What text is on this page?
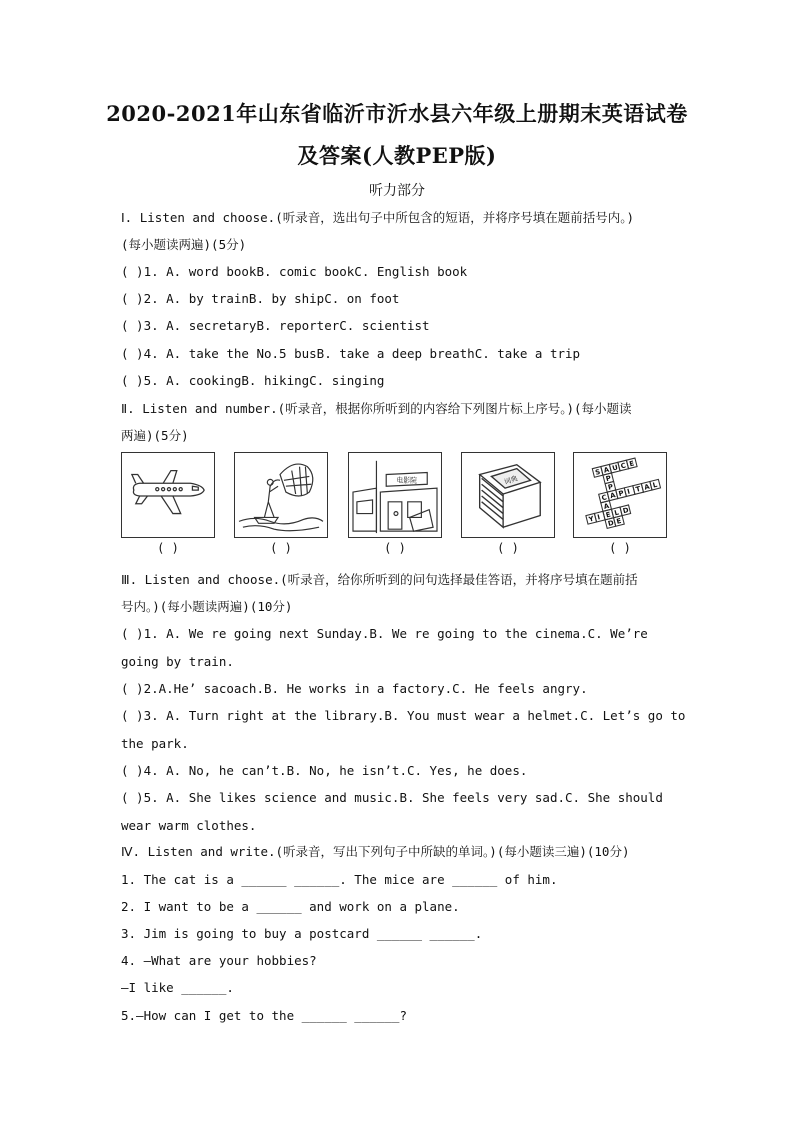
2020-2021年山东省临沂市沂水县六年级上册期末英语试卷
及答案(人教PEP版)
听力部分
Ⅰ. Listen and choose.(听录音，选出句子中所包含的短语，并将序号填在题前括号内。)
(每小题读两遍)(5分)
( )1. A. word bookB. comic bookC. English book
( )2. A. by trainB. by shipC. on foot
( )3. A. secretaryB. reporterC. scientist
( )4. A. take the No.5 busB. take a deep breathC. take a trip
( )5. A. cookingB. hikingC. singing
Ⅱ. Listen and number.(听录音，根据你所听到的内容给下列图片标上序号。)(每小题读
两遍)(5分)
( )	( )
电影院
( )
词典
( )
S A U C E
P
P
C A P I T A L
A
Y I E L D
D E
( )
Ⅲ. Listen and choose.(听录音，给你所听到的问句选择最佳答语，并将序号填在题前括
号内。)(每小题读两遍)(10分)
( )1. A. We re going next Sunday.B. We re going to the cinema.C. We’re
going by train.
( )2.A.He’ sacoach.B. He works in a factory.C. He feels angry.
( )3. A. Turn right at the library.B. You must wear a helmet.C. Let’s go to
the park.
( )4. A. No, he can’t.B. No, he isn’t.C. Yes, he does.
( )5. A. She likes science and music.B. She feels very sad.C. She should
wear warm clothes.
Ⅳ. Listen and write.(听录音，写出下列句子中所缺的单词。)(每小题读三遍)(10分)
1. The cat is a ______ ______. The mice are ______ of him.
2. I want to be a ______ and work on a plane.
3. Jim is going to buy a postcard ______ ______.
4. —What are your hobbies?
—I like ______.
5.—How can I get to the ______ ______?
